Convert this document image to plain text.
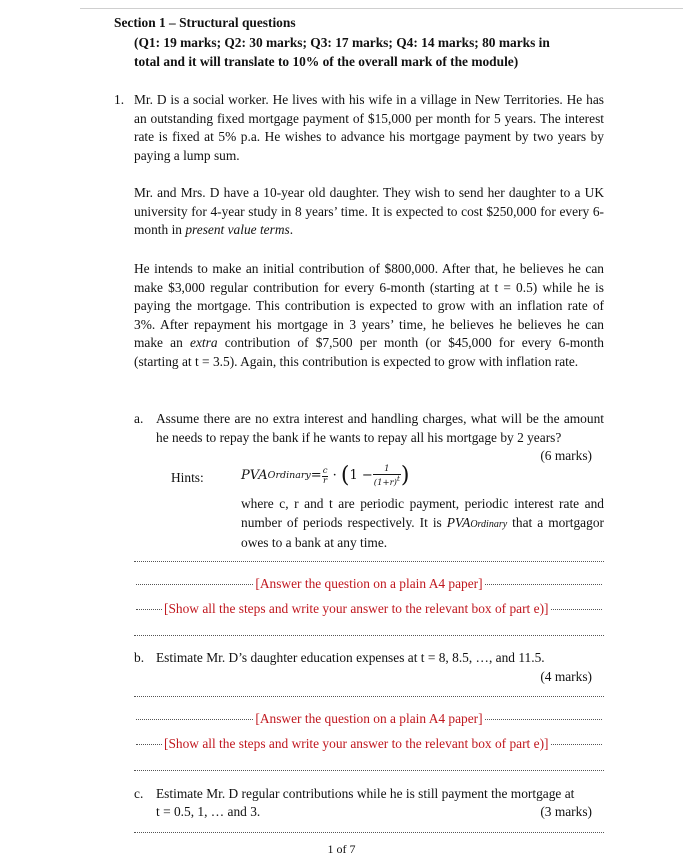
Section 1 – Structural questions
(Q1: 19 marks; Q2: 30 marks; Q3: 17 marks; Q4: 14 marks; 80 marks in
total and it will translate to 10% of the overall mark of the module)
1. Mr. D is a social worker. He lives with his wife in a village in New Territories. He has an outstanding fixed mortgage payment of $15,000 per month for 5 years. The interest rate is fixed at 5% p.a. He wishes to advance his mortgage payment by two years by paying a lump sum.
Mr. and Mrs. D have a 10-year old daughter. They wish to send her daughter to a UK university for 4-year study in 8 years’ time. It is expected to cost $250,000 for every 6-month in present value terms.
He intends to make an initial contribution of $800,000. After that, he believes he can make $3,000 regular contribution for every 6-month (starting at t = 0.5) while he is paying the mortgage. This contribution is expected to grow with an inflation rate of 3%. After repayment his mortgage in 3 years’ time, he believes he believes he can make an extra contribution of $7,500 per month (or $45,000 for every 6-month (starting at t = 3.5). Again, this contribution is expected to grow with inflation rate.
a. Assume there are no extra interest and handling charges, what will be the amount he needs to repay the bank if he wants to repay all his mortgage by 2 years?
(6 marks)
Hints:	PVA Ordinary = $\frac{c}{r}$ · ( $1 - \frac{1}{(1+r)^t}$ )
where c, r and t are periodic payment, periodic interest rate and number of periods respectively. It is PVAOrdinary that a mortgagor owes to a bank at any time.
[Answer the question on a plain A4 paper]
[Show all the steps and write your answer to the relevant box of part e)]
b. Estimate Mr. D’s daughter education expenses at t = 8, 8.5, …, and 11.5.
(4 marks)
[Answer the question on a plain A4 paper]
[Show all the steps and write your answer to the relevant box of part e)]
c. Estimate Mr. D regular contributions while he is still payment the mortgage at
t = 0.5, 1, … and 3.	(3 marks)
1 of 7
